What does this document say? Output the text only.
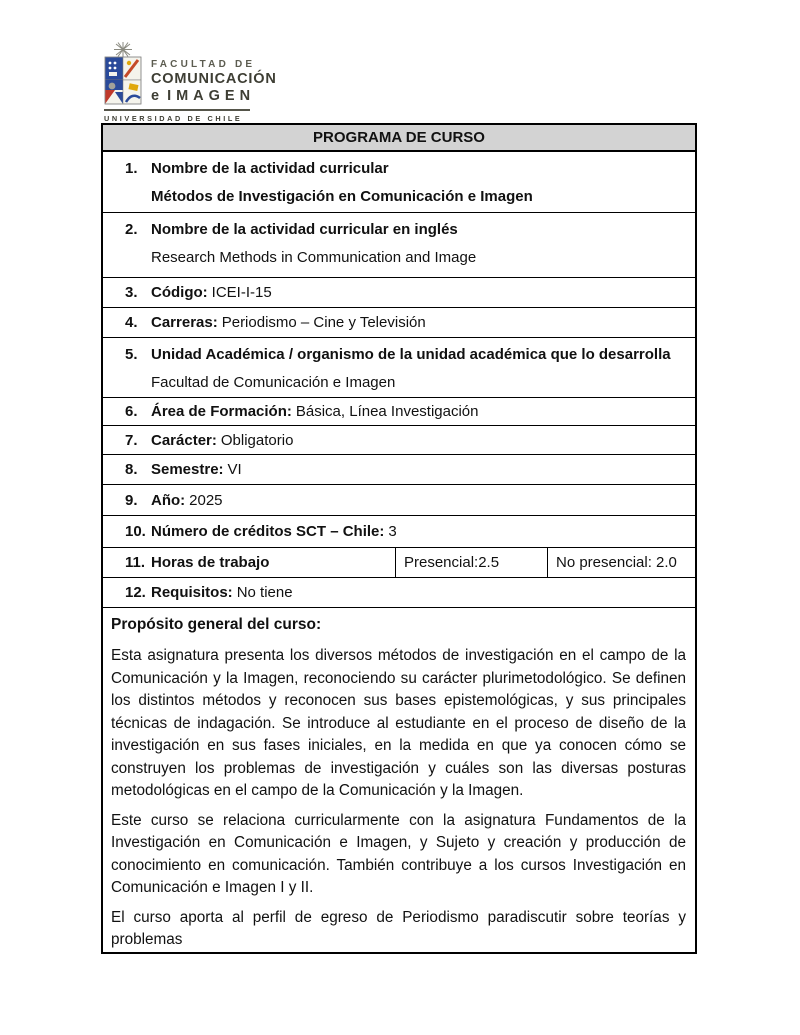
FACULTAD DE
COMUNICACIÓN
e IMAGEN
UNIVERSIDAD DE CHILE
PROGRAMA DE CURSO
1. Nombre de la actividad curricular
Métodos de Investigación en Comunicación e Imagen
2. Nombre de la actividad curricular en inglés
Research Methods in Communication and Image
3. Código: ICEI-I-15
4. Carreras: Periodismo – Cine y Televisión
5. Unidad Académica / organismo de la unidad académica que lo desarrolla
Facultad de Comunicación e Imagen
6. Área de Formación: Básica, Línea Investigación
7. Carácter: Obligatorio
8. Semestre: VI
9. Año: 2025
10. Número de créditos SCT – Chile: 3
11. Horas de trabajo	Presencial:2.5	No presencial: 2.0
12. Requisitos: No tiene

Propósito general del curso:

Esta asignatura presenta los diversos métodos de investigación en el campo de la Comunicación y la Imagen, reconociendo su carácter plurimetodológico. Se definen los distintos métodos y reconocen sus bases epistemológicas, y sus principales técnicas de indagación. Se introduce al estudiante en el proceso de diseño de la investigación en sus fases iniciales, en la medida en que ya conocen cómo se construyen los problemas de investigación y cuáles son las diversas posturas metodológicas en el campo de la Comunicación y la Imagen.

Este curso se relaciona curricularmente con la asignatura Fundamentos de la Investigación en Comunicación e Imagen, y Sujeto y creación y producción de conocimiento en comunicación. También contribuye a los cursos Investigación en Comunicación e Imagen I y II.

El curso aporta al perfil de egreso de Periodismo paradiscutir sobre teorías y problemas
